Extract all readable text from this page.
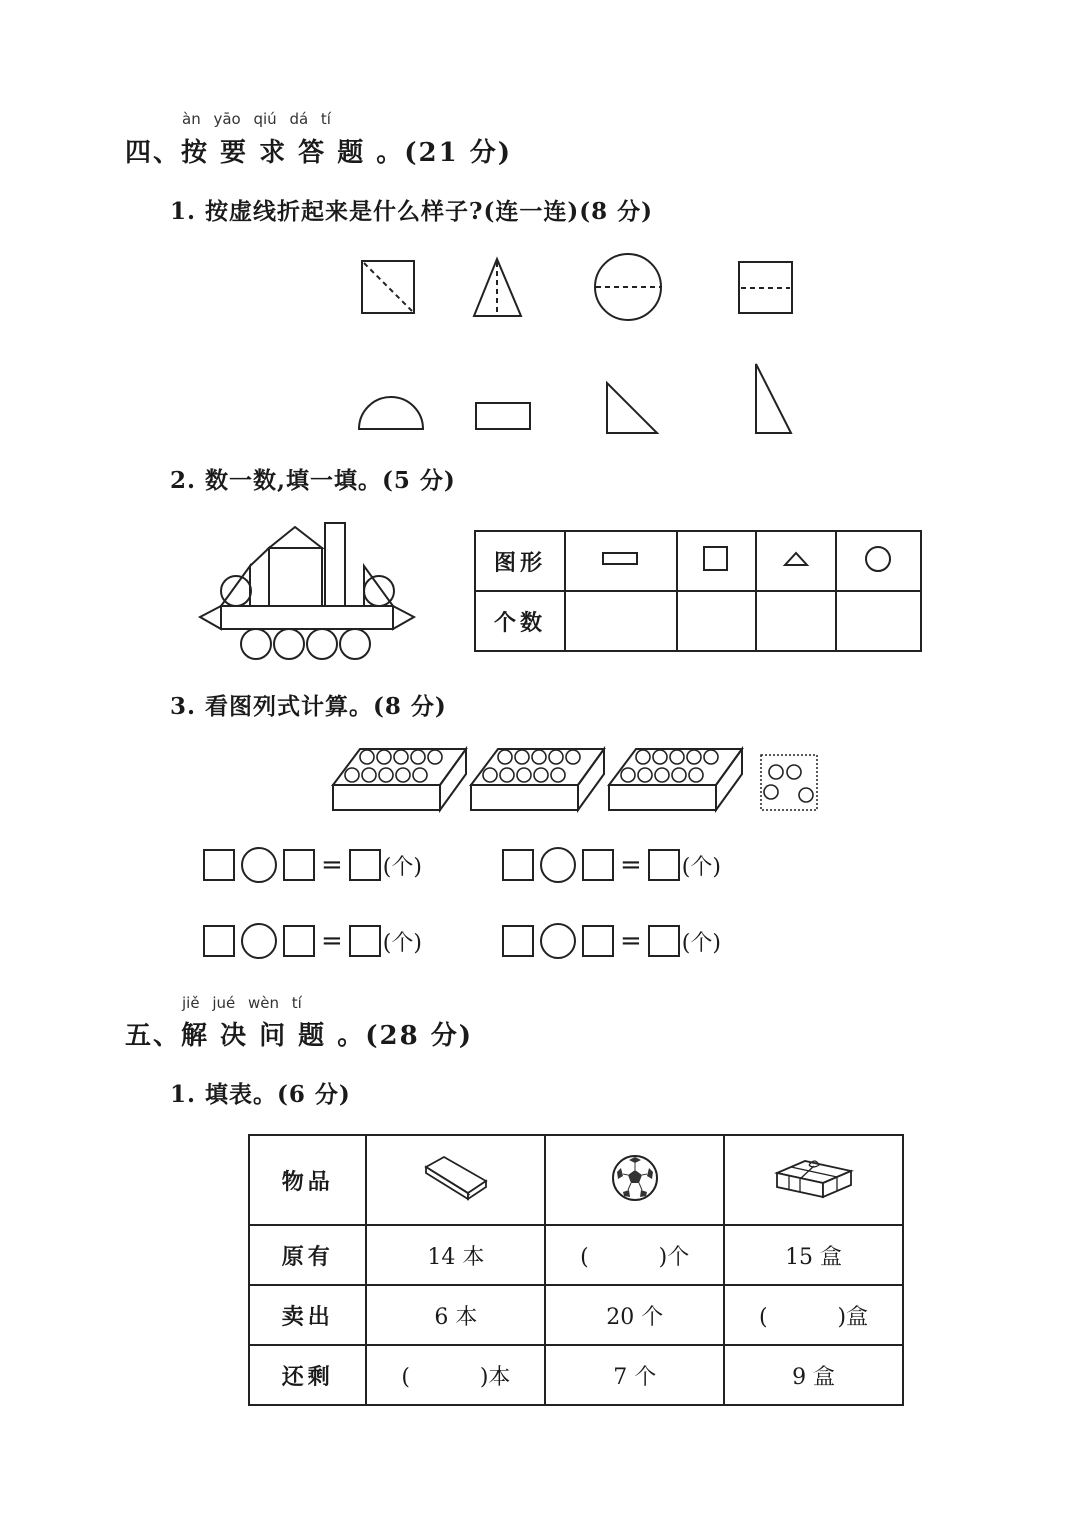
àn yāo qiú dá tí
四、按 要 求 答 题 。(21 分)
1. 按虚线折起来是什么样子?(连一连)(8 分)
2. 数一数,填一填。(5 分)
图形				
个数				
3. 看图列式计算。(8 分)
= (个)	= (个)
= (个)	= (个)
jiě jué wèn tí
五、解 决 问 题 。(28 分)
1. 填表。(6 分)
物品			
原有	14 本	(          )个	15 盒
卖出	6 本	20 个	(          )盒
还剩	(          )本	7 个	9 盒
